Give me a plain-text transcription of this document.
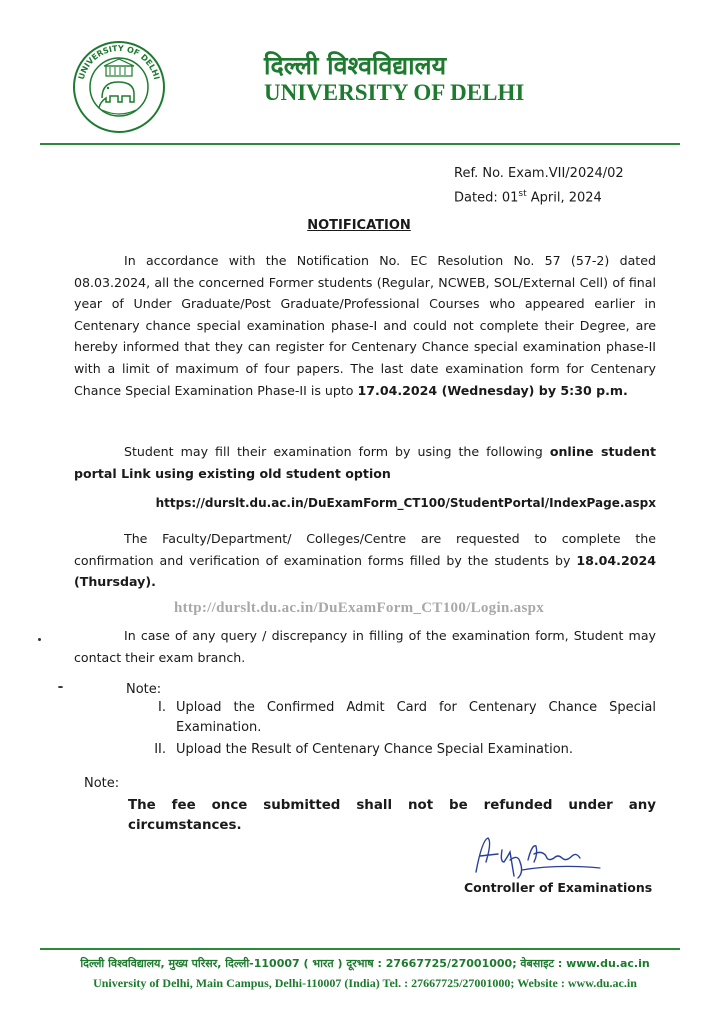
UNIVERSITY OF DELHI	दिल्ली विश्वविद्यालय
UNIVERSITY OF DELHI
Ref. No. Exam.VII/2024/02
Dated: 01st April, 2024
NOTIFICATION
In accordance with the Notification No. EC Resolution No. 57 (57-2) dated 08.03.2024, all the concerned Former students (Regular, NCWEB, SOL/External Cell) of final year of Under Graduate/Post Graduate/Professional Courses who appeared earlier in Centenary chance special examination phase-I and could not complete their Degree, are hereby informed that they can register for Centenary Chance special examination phase-II with a limit of maximum of four papers. The last date examination form for Centenary Chance Special Examination Phase-II is upto 17.04.2024 (Wednesday) by 5:30 p.m.
Student may fill their examination form by using the following online student portal Link using existing old student option
https://durslt.du.ac.in/DuExamForm_CT100/StudentPortal/IndexPage.aspx
The Faculty/Department/ Colleges/Centre are requested to complete the confirmation and verification of examination forms filled by the students by 18.04.2024 (Thursday).
http://durslt.du.ac.in/DuExamForm_CT100/Login.aspx
In case of any query / discrepancy in filling of the examination form, Student may contact their exam branch.
Note:
I. Upload the Confirmed Admit Card for Centenary Chance Special Examination.
II. Upload the Result of Centenary Chance Special Examination.
Note:
The fee once submitted shall not be refunded under any circumstances.
Controller of Examinations
दिल्ली विश्वविद्यालय, मुख्य परिसर, दिल्ली-110007 ( भारत ) दूरभाष : 27667725/27001000; वेबसाइट : www.du.ac.in
University of Delhi, Main Campus, Delhi-110007 (India) Tel. : 27667725/27001000; Website : www.du.ac.in
